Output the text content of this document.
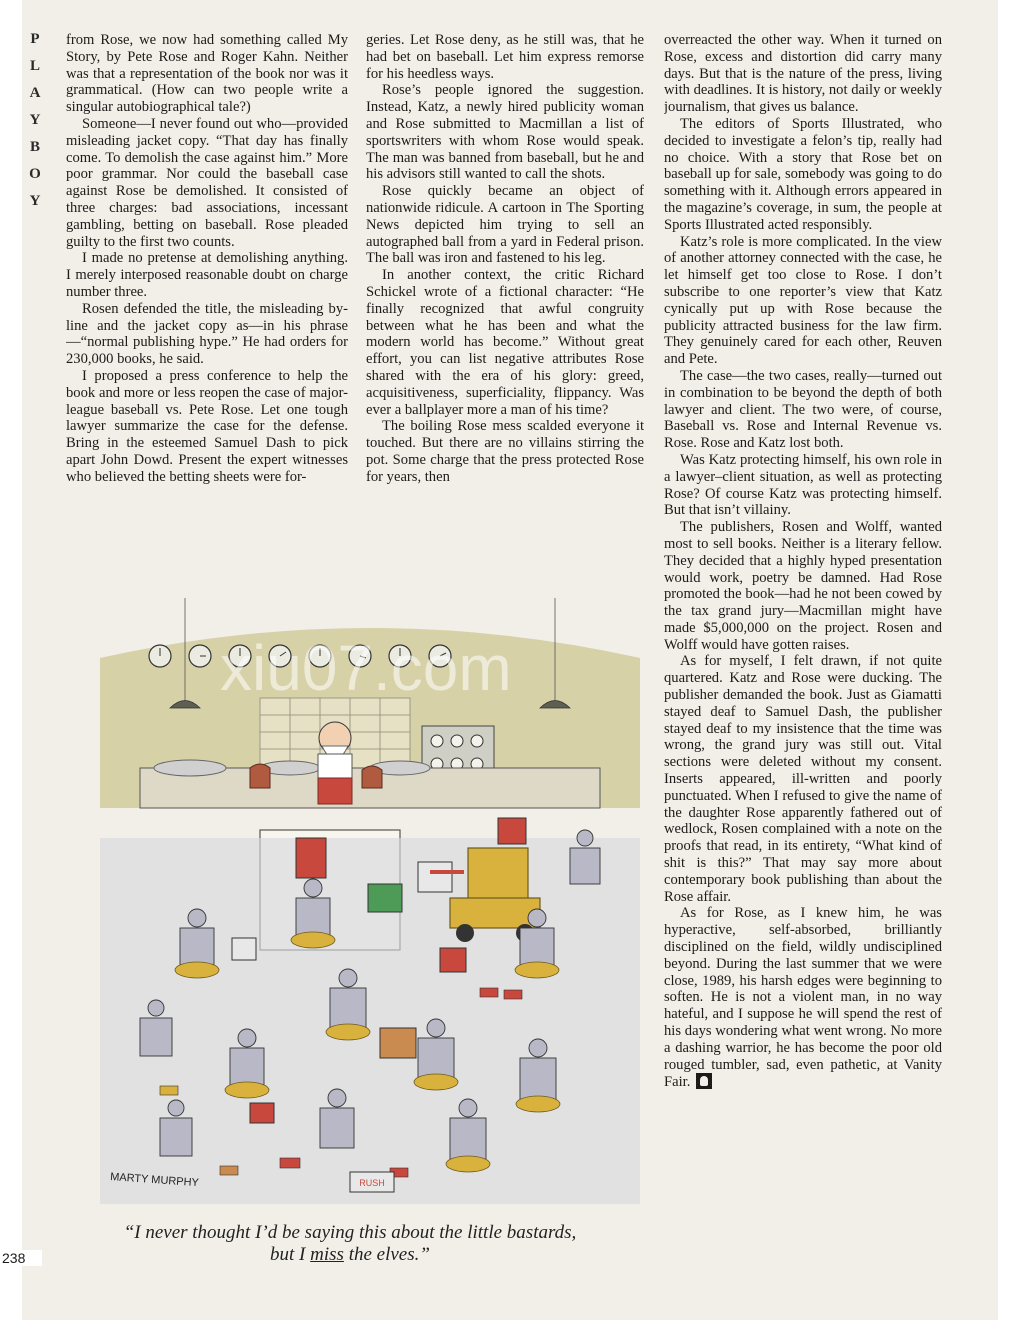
P
L
A
Y
B
O
Y

from Rose, we now had something called My Story, by Pete Rose and Roger Kahn. Neither was that a representation of the book nor was it grammatical. (How can two people write a singular autobiographical tale?)

Someone—I never found out who—provided misleading jacket copy. “That day has finally come. To demolish the case against him.” More poor grammar. Nor could the baseball case against Rose be demolished. It consisted of three charges: bad associations, incessant gambling, betting on baseball. Rose pleaded guilty to the first two counts.

I made no pretense at demolishing anything. I merely interposed reasonable doubt on charge number three.

Rosen defended the title, the misleading by-line and the jacket copy as—in his phrase—“normal publishing hype.” He had orders for 230,000 books, he said.

I proposed a press conference to help the book and more or less reopen the case of major-league baseball vs. Pete Rose. Let one tough lawyer summarize the case for the defense. Bring in the esteemed Samuel Dash to pick apart John Dowd. Present the expert witnesses who believed the betting sheets were for-

geries. Let Rose deny, as he still was, that he had bet on baseball. Let him express remorse for his heedless ways.

Rose’s people ignored the suggestion. Instead, Katz, a newly hired publicity woman and Rose submitted to Macmillan a list of sportswriters with whom Rose would speak. The man was banned from baseball, but he and his advisors still wanted to call the shots.

Rose quickly became an object of nationwide ridicule. A cartoon in The Sporting News depicted him trying to sell an autographed ball from a yard in Federal prison. The ball was iron and fastened to his leg.

In another context, the critic Richard Schickel wrote of a fictional character: “He finally recognized that awful congruity between what he has been and what the modern world has become.” Without great effort, you can list negative attributes Rose shared with the era of his glory: greed, acquisitiveness, superficiality, flippancy. Was ever a ballplayer more a man of his time?

The boiling Rose mess scalded everyone it touched. But there are no villains stirring the pot. Some charge that the press protected Rose for years, then

overreacted the other way. When it turned on Rose, excess and distortion did carry many days. But that is the nature of the press, living with deadlines. It is history, not daily or weekly journalism, that gives us balance.

The editors of Sports Illustrated, who decided to investigate a felon’s tip, really had no choice. With a story that Rose bet on baseball up for sale, somebody was going to do something with it. Although errors appeared in the magazine’s coverage, in sum, the people at Sports Illustrated acted responsibly.

Katz’s role is more complicated. In the view of another attorney connected with the case, he let himself get too close to Rose. I don’t subscribe to one reporter’s view that Katz cynically put up with Rose because the publicity attracted business for the law firm. They genuinely cared for each other, Reuven and Pete.

The case—the two cases, really—turned out in combination to be beyond the depth of both lawyer and client. The two were, of course, Baseball vs. Rose and Internal Revenue vs. Rose. Rose and Katz lost both.

Was Katz protecting himself, his own role in a lawyer–client situation, as well as protecting Rose? Of course Katz was protecting himself. But that isn’t villainy.

The publishers, Rosen and Wolff, wanted most to sell books. Neither is a literary fellow. They decided that a highly hyped presentation would work, poetry be damned. Had Rose promoted the book—had he not been cowed by the tax grand jury—Macmillan might have made $5,000,000 on the project. Rosen and Wolff would have gotten raises.

As for myself, I felt drawn, if not quite quartered. Katz and Rose were ducking. The publisher demanded the book. Just as Giamatti stayed deaf to Samuel Dash, the publisher stayed deaf to my insistence that the time was wrong, the grand jury was still out. Vital sections were deleted without my consent. Inserts appeared, ill-written and poorly punctuated. When I refused to give the name of the daughter Rose apparently fathered out of wedlock, Rosen complained with a note on the proofs that read, in its entirety, “What kind of shit is this?” That may say more about contemporary book publishing than about the Rose affair.

As for Rose, as I knew him, he was hyperactive, self-absorbed, brilliantly disciplined on the field, wildly undisciplined beyond. During the last summer that we were close, 1989, his harsh edges were beginning to soften. He is not a violent man, in no way hateful, and I suppose he will spend the rest of his days wondering what went wrong. No more a dashing warrior, he has become the poor old rouged tumbler, sad, even pathetic, at Vanity Fair.

RUSH
MARTY MURPHY
xiu07.com
“I never thought I’d be saying this about the little bastards, but I miss the elves.”
238
